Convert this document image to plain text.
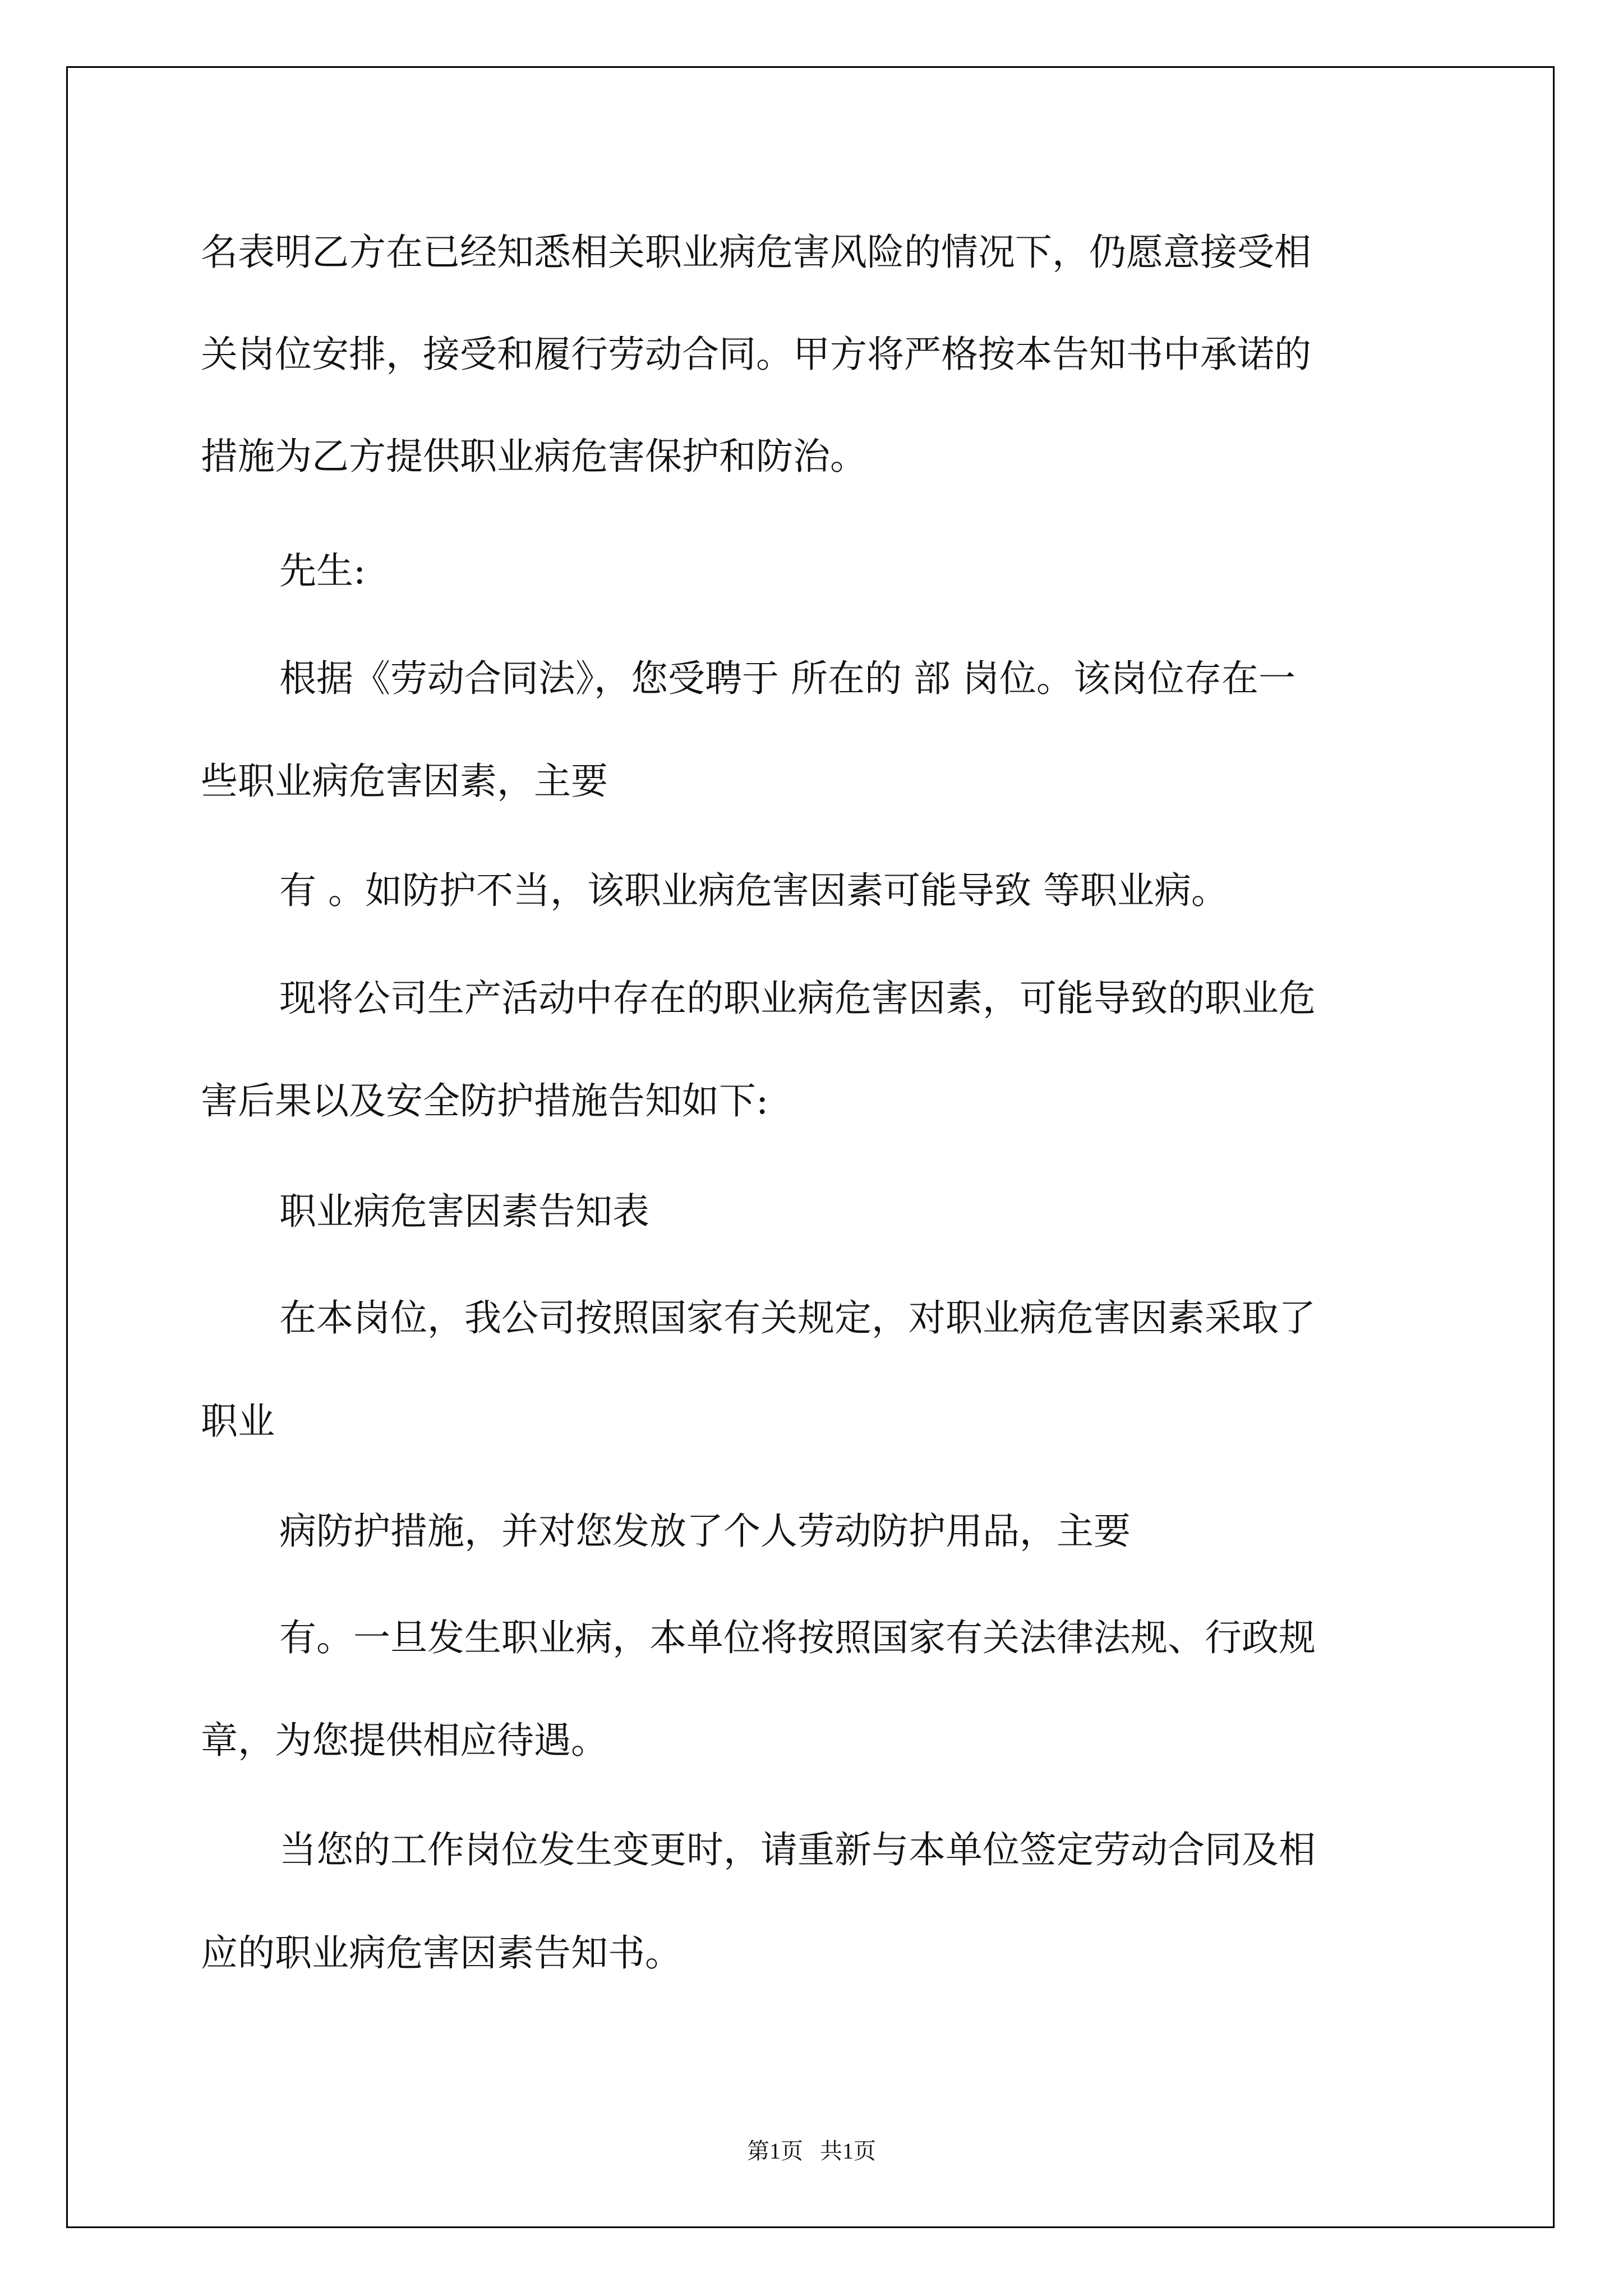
名表明乙方在已经知悉相关职业病危害风险的情况下，仍愿意接受相
关岗位安排，接受和履行劳动合同。甲方将严格按本告知书中承诺的
措施为乙方提供职业病危害保护和防治。
先生:
根据《劳动合同法》，您受聘于 所在的 部 岗位。该岗位存在一
些职业病危害因素，主要
有 。如防护不当，该职业病危害因素可能导致 等职业病。
现将公司生产活动中存在的职业病危害因素，可能导致的职业危
害后果以及安全防护措施告知如下:
职业病危害因素告知表
在本岗位，我公司按照国家有关规定，对职业病危害因素采取了
职业
病防护措施，并对您发放了个人劳动防护用品，主要
有。一旦发生职业病，本单位将按照国家有关法律法规、行政规
章，为您提供相应待遇。
当您的工作岗位发生变更时，请重新与本单位签定劳动合同及相
应的职业病危害因素告知书。
第1页   共1页
